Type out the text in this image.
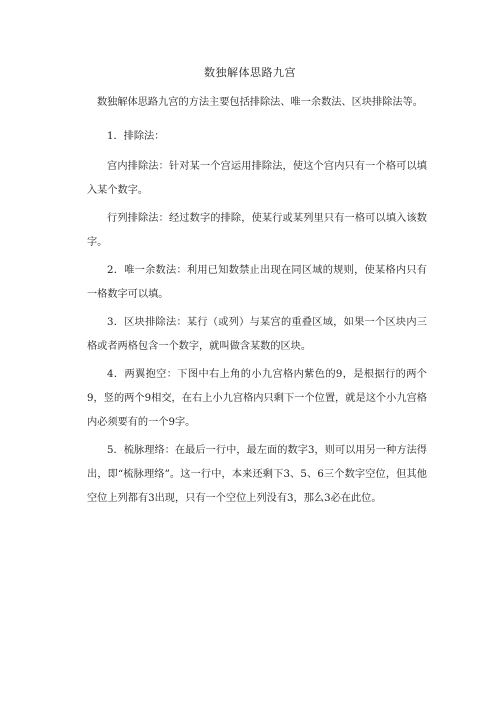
数独解体思路九宫

数独解体思路九宫的方法主要包括排除法、唯一余数法、区块排除法等。

1．排除法：

宫内排除法：针对某一个宫运用排除法，使这个宫内只有一个格可以填入某个数字。

行列排除法：经过数字的排除，使某行或某列里只有一格可以填入该数字。

2．唯一余数法：利用已知数禁止出现在同区域的规则，使某格内只有一格数字可以填。

3．区块排除法：某行（或列）与某宫的重叠区域，如果一个区块内三格或者两格包含一个数字，就叫做含某数的区块。

4．两翼抱空：下图中右上角的小九宫格内紫色的9，是根据行的两个9，竖的两个9相交，在右上小九宫格内只剩下一个位置，就是这个小九宫格内必须要有的一个9字。

5．梳脉理络：在最后一行中，最左面的数字3，则可以用另一种方法得出，即“梳脉理络”。这一行中，本来还剩下3、5、6三个数字空位，但其他空位上列都有3出现，只有一个空位上列没有3，那么3必在此位。
